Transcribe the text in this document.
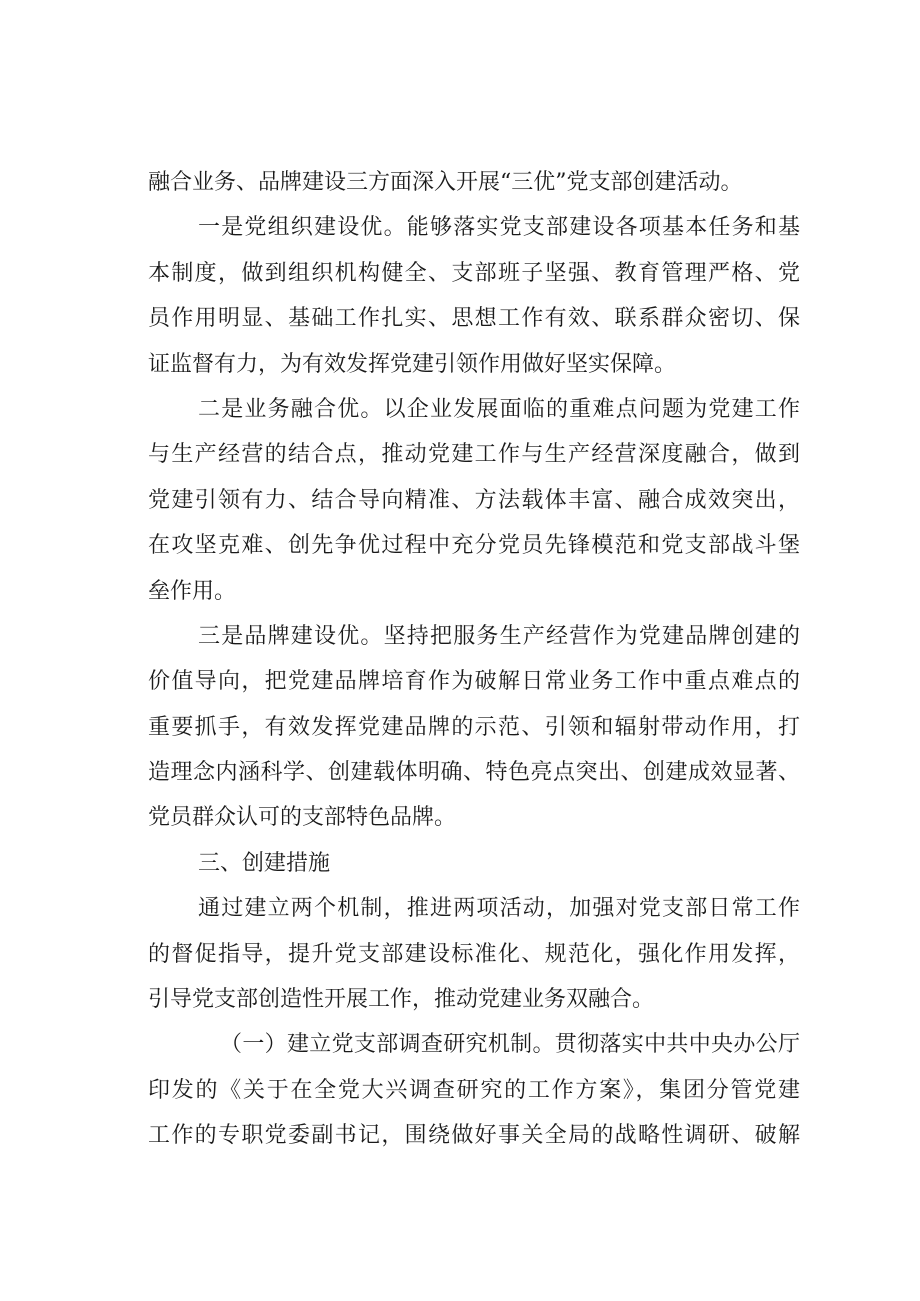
融合业务、品牌建设三方面深入开展“三优”党支部创建活动。
一是党组织建设优。能够落实党支部建设各项基本任务和基
本制度，做到组织机构健全、支部班子坚强、教育管理严格、党
员作用明显、基础工作扎实、思想工作有效、联系群众密切、保
证监督有力，为有效发挥党建引领作用做好坚实保障。
二是业务融合优。以企业发展面临的重难点问题为党建工作
与生产经营的结合点，推动党建工作与生产经营深度融合，做到
党建引领有力、结合导向精准、方法载体丰富、融合成效突出，
在攻坚克难、创先争优过程中充分党员先锋模范和党支部战斗堡
垒作用。
三是品牌建设优。坚持把服务生产经营作为党建品牌创建的
价值导向，把党建品牌培育作为破解日常业务工作中重点难点的
重要抓手，有效发挥党建品牌的示范、引领和辐射带动作用，打
造理念内涵科学、创建载体明确、特色亮点突出、创建成效显著、
党员群众认可的支部特色品牌。
三、创建措施
通过建立两个机制，推进两项活动，加强对党支部日常工作
的督促指导，提升党支部建设标准化、规范化，强化作用发挥，
引导党支部创造性开展工作，推动党建业务双融合。
（一）建立党支部调查研究机制。贯彻落实中共中央办公厅
印发的《关于在全党大兴调查研究的工作方案》，集团分管党建
工作的专职党委副书记，围绕做好事关全局的战略性调研、破解
